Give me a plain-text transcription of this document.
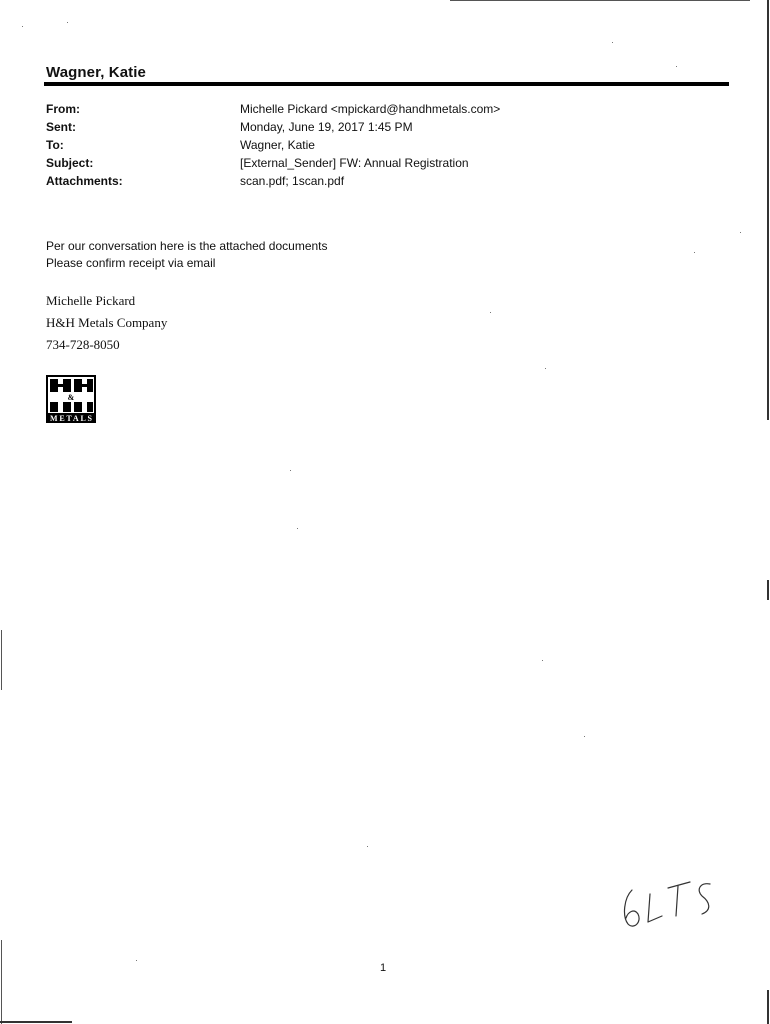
Wagner, Katie
From:	Michelle Pickard <mpickard@handhmetals.com>
Sent:	Monday, June 19, 2017 1:45 PM
To:	Wagner, Katie
Subject:	[External_Sender] FW: Annual Registration
Attachments:	scan.pdf; 1scan.pdf
Per our conversation here is the attached documents
Please confirm receipt via email
Michelle Pickard
H&H Metals Company
734-728-8050
&
METALS
1
